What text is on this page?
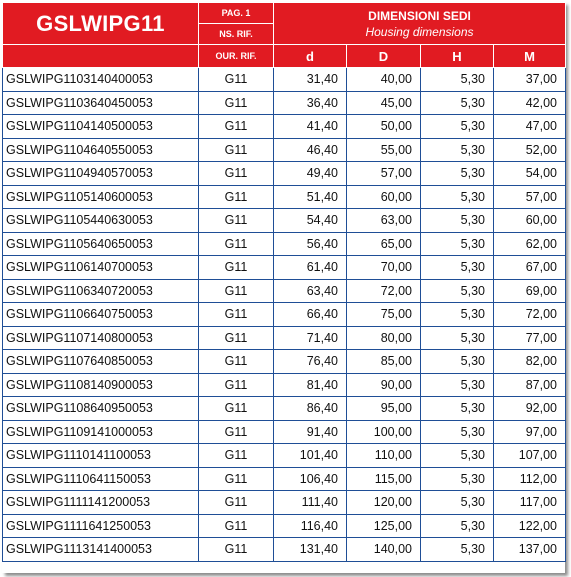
GSLWIPG11	PAG. 1	DIMENSIONI SEDI
Housing dimensions			

	NS. RIF.				
	OUR. RIF.	d	D	H	M
GSLWIPG1103140400053	G11	31,40	40,00	5,30	37,00
GSLWIPG1103640450053	G11	36,40	45,00	5,30	42,00
GSLWIPG1104140500053	G11	41,40	50,00	5,30	47,00
GSLWIPG1104640550053	G11	46,40	55,00	5,30	52,00
GSLWIPG1104940570053	G11	49,40	57,00	5,30	54,00
GSLWIPG1105140600053	G11	51,40	60,00	5,30	57,00
GSLWIPG1105440630053	G11	54,40	63,00	5,30	60,00
GSLWIPG1105640650053	G11	56,40	65,00	5,30	62,00
GSLWIPG1106140700053	G11	61,40	70,00	5,30	67,00
GSLWIPG1106340720053	G11	63,40	72,00	5,30	69,00
GSLWIPG1106640750053	G11	66,40	75,00	5,30	72,00
GSLWIPG1107140800053	G11	71,40	80,00	5,30	77,00
GSLWIPG1107640850053	G11	76,40	85,00	5,30	82,00
GSLWIPG1108140900053	G11	81,40	90,00	5,30	87,00
GSLWIPG1108640950053	G11	86,40	95,00	5,30	92,00
GSLWIPG1109141000053	G11	91,40	100,00	5,30	97,00
GSLWIPG1110141100053	G11	101,40	110,00	5,30	107,00
GSLWIPG1110641150053	G11	106,40	115,00	5,30	112,00
GSLWIPG1111141200053	G11	111,40	120,00	5,30	117,00
GSLWIPG1111641250053	G11	116,40	125,00	5,30	122,00
GSLWIPG1113141400053	G11	131,40	140,00	5,30	137,00
